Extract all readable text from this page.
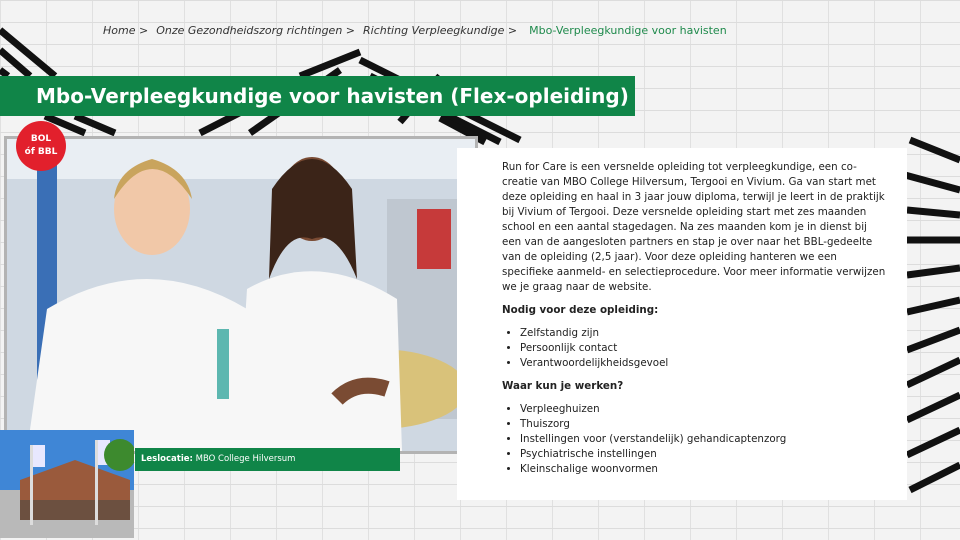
Home > Onze Gezondheidszorg richtingen > Richting Verpleegkundige > Mbo-Verpleegkundige voor havisten
Mbo-Verpleegkundige voor havisten (Flex-opleiding)
BOL
óf BBL
Leslocatie: MBO College Hilversum

Run for Care is een versnelde opleiding tot verpleegkundige, een co-creatie van MBO College Hilversum, Tergooi en Vivium. Ga van start met deze opleiding en haal in 3 jaar jouw diploma, terwijl je leert in de praktijk bij Vivium of Tergooi. Deze versnelde opleiding start met zes maanden school en een aantal stagedagen. Na zes maanden kom je in dienst bij een van de aangesloten partners en stap je over naar het BBL-gedeelte van de opleiding (2,5 jaar). Voor deze opleiding hanteren we een specifieke aanmeld- en selectieprocedure. Voor meer informatie verwijzen we je graag naar de website.

Nodig voor deze opleiding:
• Zelfstandig zijn
• Persoonlijk contact
• Verantwoordelijkheidsgevoel
Waar kun je werken?
• Verpleeghuizen
• Thuiszorg
• Instellingen voor (verstandelijk) gehandicaptenzorg
• Psychiatrische instellingen
• Kleinschalige woonvormen
